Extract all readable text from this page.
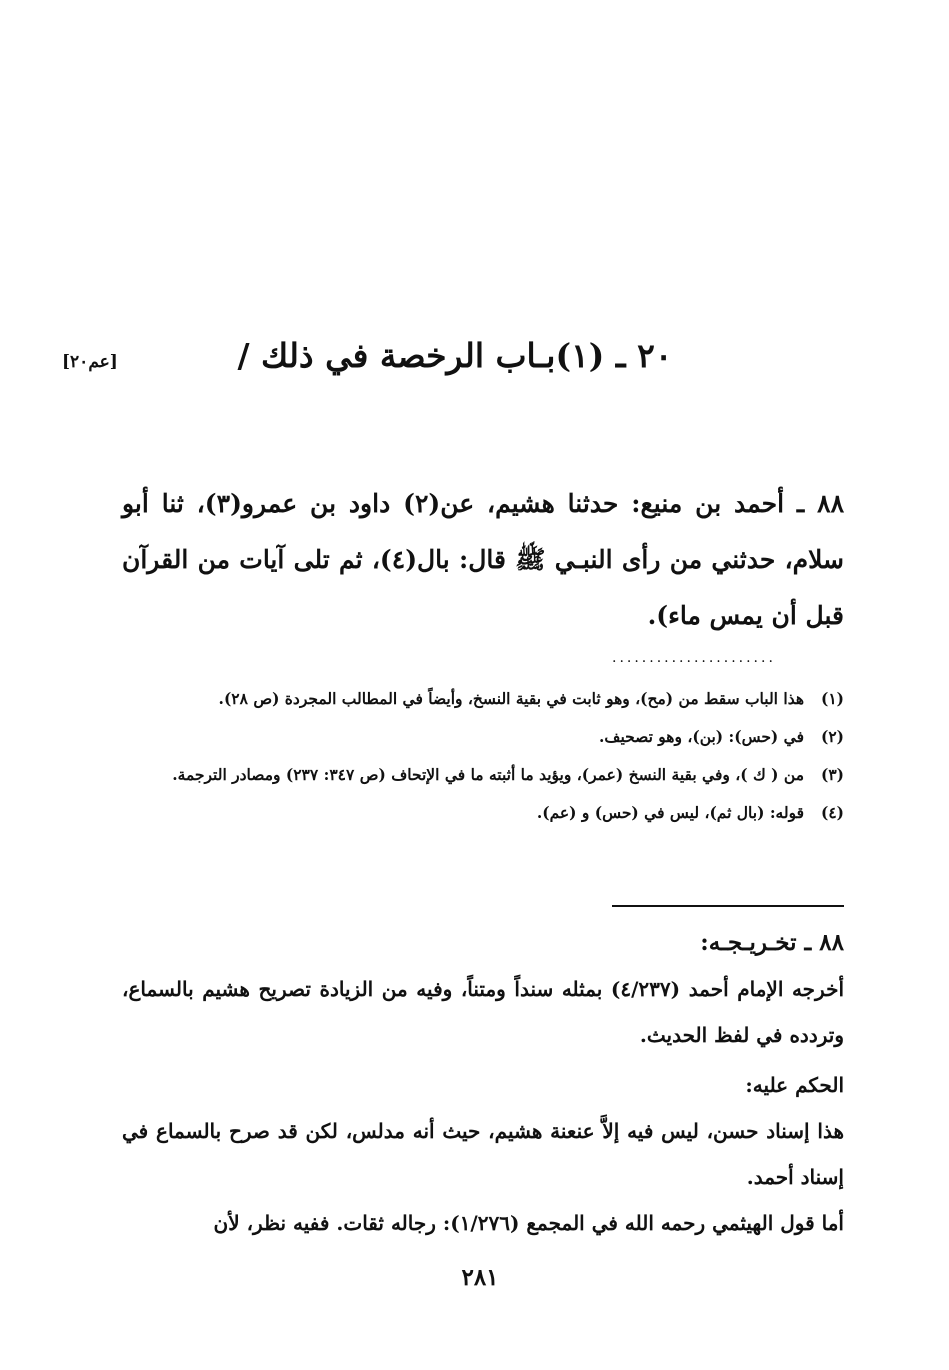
[عم٢٠]	٢٠ ـ (١)بـاب الرخصة في ذلك /

٨٨ ـ أحمد بن منيع: حدثنا هشيم، عن(٢) داود بن عمرو(٣)، ثنا أبو سلام، حدثني من رأى النبـي ﷺ قال: بال(٤)، ثم تلى آيات من القرآن قبل أن يمس ماء).

......................
(١)
هذا الباب سقط من (مح)، وهو ثابت في بقية النسخ، وأيضاً في المطالب المجردة (ص ٢٨).
(٢)
في (حس): (بن)، وهو تصحيف.
(٣)
من ( ك )، وفي بقية النسخ (عمر)، ويؤيد ما أثبته ما في الإتحاف (ص ٣٤٧: ٢٣٧) ومصادر الترجمة.
(٤)
قوله: (بال ثم)، ليس في (حس) و (عم).
٨٨ ـ تخـريـجـه:
أخرجه الإمام أحمد (٤/٢٣٧) بمثله سنداً ومتناً، وفيه من الزيادة تصريح هشيم بالسماع، وتردده في لفظ الحديث.
الحكم عليه:
هذا إسناد حسن، ليس فيه إلاَّ عنعنة هشيم، حيث أنه مدلس، لكن قد صرح بالسماع في إسناد أحمد.
أما قول الهيثمي رحمه الله في المجمع (١/٢٧٦): رجاله ثقات. ففيه نظر، لأن
٢٨١
